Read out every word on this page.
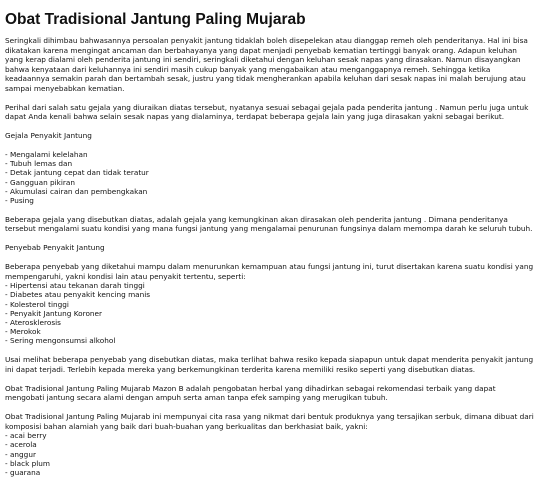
Obat Tradisional Jantung Paling Mujarab

Seringkali dihimbau bahwasannya persoalan penyakit jantung tidaklah boleh disepelekan atau dianggap remeh oleh penderitanya. Hal ini bisa dikatakan karena mengingat ancaman dan berbahayanya yang dapat menjadi penyebab kematian tertinggi banyak orang. Adapun keluhan yang kerap dialami oleh penderita jantung ini sendiri, seringkali diketahui dengan keluhan sesak napas yang dirasakan. Namun disayangkan bahwa kenyataan dari keluhannya ini sendiri masih cukup banyak yang mengabaikan atau menganggapnya remeh. Sehingga ketika keadaannya semakin parah dan bertambah sesak, justru yang tidak mengherankan apabila keluhan dari sesak napas ini malah berujung atau sampai menyebabkan kematian.

Perihal dari salah satu gejala yang diuraikan diatas tersebut, nyatanya sesuai sebagai gejala pada penderita jantung . Namun perlu juga untuk dapat Anda kenali bahwa selain sesak napas yang dialaminya, terdapat beberapa gejala lain yang juga dirasakan yakni sebagai berikut.

Gejala Penyakit Jantung

- Mengalami kelelahan
- Tubuh lemas dan
- Detak jantung cepat dan tidak teratur
- Gangguan pikiran
- Akumulasi cairan dan pembengkakan
- Pusing

Beberapa gejala yang disebutkan diatas, adalah gejala yang kemungkinan akan dirasakan oleh penderita jantung . Dimana penderitanya tersebut mengalami suatu kondisi yang mana fungsi jantung yang mengalamai penurunan fungsinya dalam memompa darah ke seluruh tubuh.

Penyebab Penyakit Jantung

Beberapa penyebab yang diketahui mampu dalam menurunkan kemampuan atau fungsi jantung ini, turut disertakan karena suatu kondisi yang mempengaruhi, yakni kondisi lain atau penyakit tertentu, seperti:

- Hipertensi atau tekanan darah tinggi
- Diabetes atau penyakit kencing manis
- Kolesterol tinggi
- Penyakit Jantung Koroner
- Aterosklerosis
- Merokok
- Sering mengonsumsi alkohol

Usai melihat beberapa penyebab yang disebutkan diatas, maka terlihat bahwa resiko kepada siapapun untuk dapat menderita penyakit jantung ini dapat terjadi. Terlebih kepada mereka yang berkemungkinan terderita karena memiliki resiko seperti yang disebutkan diatas.

Obat Tradisional Jantung Paling Mujarab Mazon B adalah pengobatan herbal yang dihadirkan sebagai rekomendasi terbaik yang dapat mengobati jantung secara alami dengan ampuh serta aman tanpa efek samping yang merugikan tubuh.

Obat Tradisional Jantung Paling Mujarab ini mempunyai cita rasa yang nikmat dari bentuk produknya yang tersajikan serbuk, dimana dibuat dari komposisi bahan alamiah yang baik dari buah-buahan yang berkualitas dan berkhasiat baik, yakni:

- acai berry
- acerola
- anggur
- black plum
- guarana
